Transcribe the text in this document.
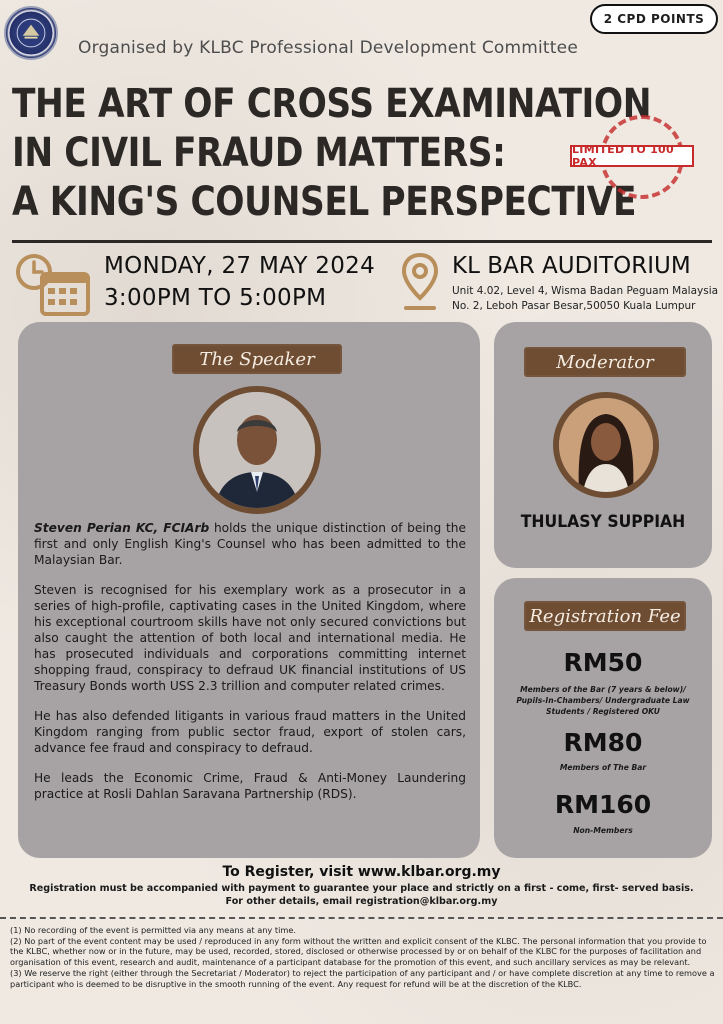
Organised by KLBC Professional Development Committee
2 CPD POINTS
THE ART OF CROSS EXAMINATION
IN CIVIL FRAUD MATTERS:
A KING'S COUNSEL PERSPECTIVE
LIMITED TO 100 PAX
MONDAY, 27 MAY 2024
3:00PM TO 5:00PM
KL BAR AUDITORIUM
Unit 4.02, Level 4, Wisma Badan Peguam Malaysia
No. 2, Leboh Pasar Besar,50050 Kuala Lumpur
The Speaker

Steven Perian KC, FCIArb holds the unique distinction of being the first and only English King's Counsel who has been admitted to the Malaysian Bar.

Steven is recognised for his exemplary work as a prosecutor in a series of high-profile, captivating cases in the United Kingdom, where his exceptional courtroom skills have not only secured convictions but also caught the attention of both local and international media. He has prosecuted individuals and corporations committing internet shopping fraud, conspiracy to defraud UK financial institutions of US Treasury Bonds worth USS 2.3 trillion and computer related crimes.

He has also defended litigants in various fraud matters in the United Kingdom ranging from public sector fraud, export of stolen cars, advance fee fraud and conspiracy to defraud.

He leads the Economic Crime, Fraud & Anti-Money Laundering practice at Rosli Dahlan Saravana Partnership (RDS).

Moderator
THULASY SUPPIAH
Registration Fee
RM50
Members of the Bar (7 years & below)/ Pupils-In-Chambers/ Undergraduate Law Students / Registered OKU
RM80
Members of The Bar
RM160
Non-Members
To Register, visit www.klbar.org.my
Registration must be accompanied with payment to guarantee your place and strictly on a first - come, first- served basis.
For other details, email registration@klbar.org.my
(1) No recording of the event is permitted via any means at any time.
(2) No part of the event content may be used / reproduced in any form without the written and explicit consent of the KLBC. The personal information that you provide to the KLBC, whether now or in the future, may be used, recorded, stored, disclosed or otherwise processed by or on behalf of the KLBC for the purposes of facilitation and organisation of this event, research and audit, maintenance of a participant database for the promotion of this event, and such ancillary services as may be relevant.
(3) We reserve the right (either through the Secretariat / Moderator) to reject the participation of any participant and / or have complete discretion at any time to remove a participant who is deemed to be disruptive in the smooth running of the event. Any request for refund will be at the discretion of the KLBC.
